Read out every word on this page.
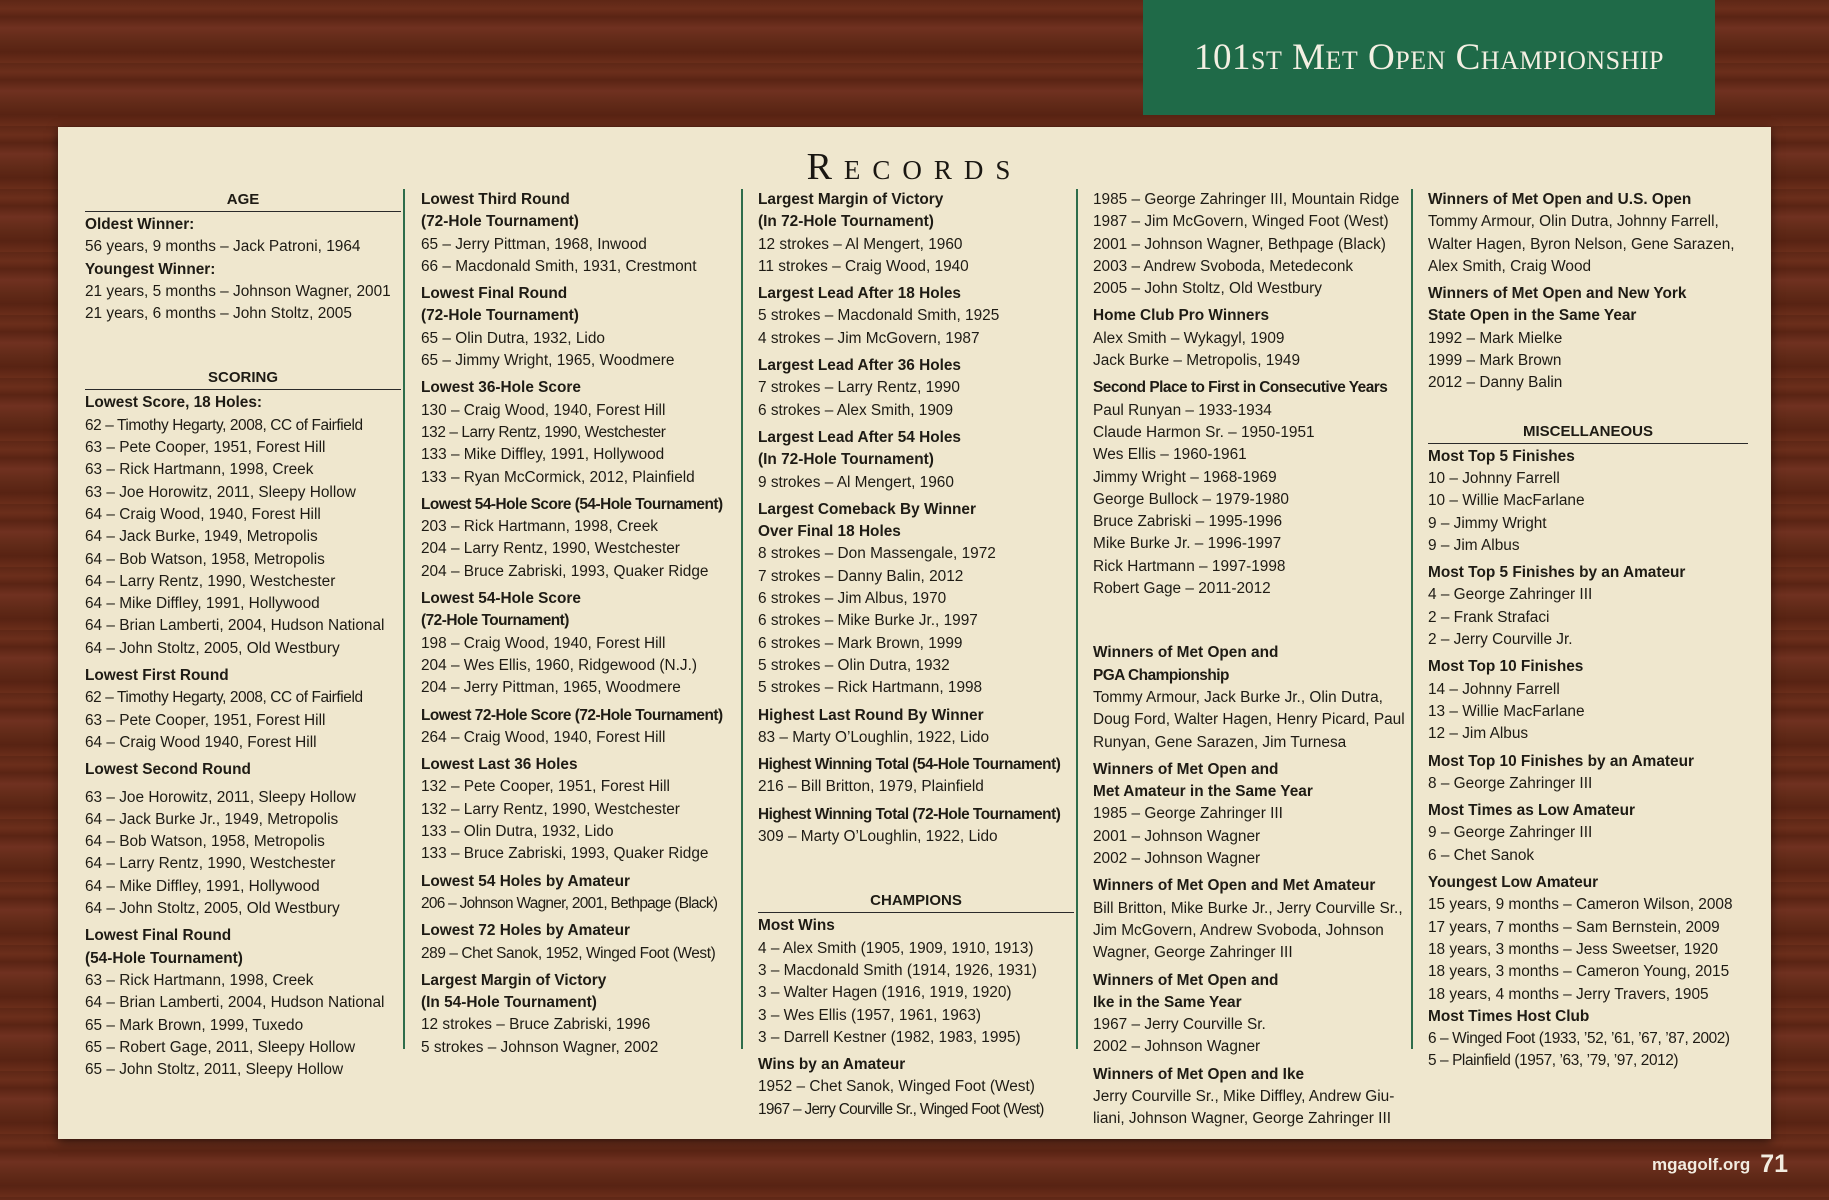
101st Met Open Championship
Records
AGE
Oldest Winner:
56 years, 9 months – Jack Patroni, 1964
Youngest Winner:
21 years, 5 months – Johnson Wagner, 2001
21 years, 6 months – John Stoltz, 2005
SCORING
Lowest Score, 18 Holes:
62 – Timothy Hegarty, 2008, CC of Fairfield
63 – Pete Cooper, 1951, Forest Hill
63 – Rick Hartmann, 1998, Creek
63 – Joe Horowitz, 2011, Sleepy Hollow
64 – Craig Wood, 1940, Forest Hill
64 – Jack Burke, 1949, Metropolis
64 – Bob Watson, 1958, Metropolis
64 – Larry Rentz, 1990, Westchester
64 – Mike Diffley, 1991, Hollywood
64 – Brian Lamberti, 2004, Hudson National
64 – John Stoltz, 2005, Old Westbury
Lowest First Round
62 – Timothy Hegarty, 2008, CC of Fairfield
63 – Pete Cooper, 1951, Forest Hill
64 – Craig Wood 1940, Forest Hill
Lowest Second Round
63 – Joe Horowitz, 2011, Sleepy Hollow
64 – Jack Burke Jr., 1949, Metropolis
64 – Bob Watson, 1958, Metropolis
64 – Larry Rentz, 1990, Westchester
64 – Mike Diffley, 1991, Hollywood
64 – John Stoltz, 2005, Old Westbury
Lowest Final Round
(54-Hole Tournament)
63 – Rick Hartmann, 1998, Creek
64 – Brian Lamberti, 2004, Hudson National
65 – Mark Brown, 1999, Tuxedo
65 – Robert Gage, 2011, Sleepy Hollow
65 – John Stoltz, 2011, Sleepy Hollow
Lowest Third Round
(72-Hole Tournament)
65 – Jerry Pittman, 1968, Inwood
66 – Macdonald Smith, 1931, Crestmont
Lowest Final Round
(72-Hole Tournament)
65 – Olin Dutra, 1932, Lido
65 – Jimmy Wright, 1965, Woodmere
Lowest 36-Hole Score
130 – Craig Wood, 1940, Forest Hill
132 – Larry Rentz, 1990, Westchester
133 – Mike Diffley, 1991, Hollywood
133 – Ryan McCormick, 2012, Plainfield
Lowest 54-Hole Score (54-Hole Tournament)
203 – Rick Hartmann, 1998, Creek
204 – Larry Rentz, 1990, Westchester
204 – Bruce Zabriski, 1993, Quaker Ridge
Lowest 54-Hole Score
(72-Hole Tournament)
198 – Craig Wood, 1940, Forest Hill
204 – Wes Ellis, 1960, Ridgewood (N.J.)
204 – Jerry Pittman, 1965, Woodmere
Lowest 72-Hole Score (72-Hole Tournament)
264 – Craig Wood, 1940, Forest Hill
Lowest Last 36 Holes
132 – Pete Cooper, 1951, Forest Hill
132 – Larry Rentz, 1990, Westchester
133 – Olin Dutra, 1932, Lido
133 – Bruce Zabriski, 1993, Quaker Ridge
Lowest 54 Holes by Amateur
206 – Johnson Wagner, 2001, Bethpage (Black)
Lowest 72 Holes by Amateur
289 – Chet Sanok, 1952, Winged Foot (West)
Largest Margin of Victory
(In 54-Hole Tournament)
12 strokes – Bruce Zabriski, 1996
5 strokes – Johnson Wagner, 2002
Largest Margin of Victory
(In 72-Hole Tournament)
12 strokes – Al Mengert, 1960
11 strokes – Craig Wood, 1940
Largest Lead After 18 Holes
5 strokes – Macdonald Smith, 1925
4 strokes – Jim McGovern, 1987
Largest Lead After 36 Holes
7 strokes – Larry Rentz, 1990
6 strokes – Alex Smith, 1909
Largest Lead After 54 Holes
(In 72-Hole Tournament)
9 strokes – Al Mengert, 1960
Largest Comeback By Winner
Over Final 18 Holes
8 strokes – Don Massengale, 1972
7 strokes – Danny Balin, 2012
6 strokes – Jim Albus, 1970
6 strokes – Mike Burke Jr., 1997
6 strokes – Mark Brown, 1999
5 strokes – Olin Dutra, 1932
5 strokes – Rick Hartmann, 1998
Highest Last Round By Winner
83 – Marty O’Loughlin, 1922, Lido
Highest Winning Total (54-Hole Tournament)
216 – Bill Britton, 1979, Plainfield
Highest Winning Total (72-Hole Tournament)
309 – Marty O’Loughlin, 1922, Lido
CHAMPIONS
Most Wins
4 – Alex Smith (1905, 1909, 1910, 1913)
3 – Macdonald Smith (1914, 1926, 1931)
3 – Walter Hagen (1916, 1919, 1920)
3 – Wes Ellis (1957, 1961, 1963)
3 – Darrell Kestner (1982, 1983, 1995)
Wins by an Amateur
1952 – Chet Sanok, Winged Foot (West)
1967 – Jerry Courville Sr., Winged Foot (West)
1985 – George Zahringer III, Mountain Ridge
1987 – Jim McGovern, Winged Foot (West)
2001 – Johnson Wagner, Bethpage (Black)
2003 – Andrew Svoboda, Metedeconk
2005 – John Stoltz, Old Westbury
Home Club Pro Winners
Alex Smith – Wykagyl, 1909
Jack Burke – Metropolis, 1949
Second Place to First in Consecutive Years
Paul Runyan – 1933-1934
Claude Harmon Sr. – 1950-1951
Wes Ellis – 1960-1961
Jimmy Wright – 1968-1969
George Bullock – 1979-1980
Bruce Zabriski – 1995-1996
Mike Burke Jr. – 1996-1997
Rick Hartmann – 1997-1998
Robert Gage – 2011-2012
Winners of Met Open and
PGA Championship
Tommy Armour, Jack Burke Jr., Olin Dutra, Doug Ford, Walter Hagen, Henry Picard, Paul Runyan, Gene Sarazen, Jim Turnesa
Winners of Met Open and
Met Amateur in the Same Year
1985 – George Zahringer III
2001 – Johnson Wagner
2002 – Johnson Wagner
Winners of Met Open and Met Amateur
Bill Britton, Mike Burke Jr., Jerry Courville Sr., Jim McGovern, Andrew Svoboda, Johnson Wagner, George Zahringer III
Winners of Met Open and
Ike in the Same Year
1967 – Jerry Courville Sr.
2002 – Johnson Wagner
Winners of Met Open and Ike
Jerry Courville Sr., Mike Diffley, Andrew Giu-liani, Johnson Wagner, George Zahringer III
Winners of Met Open and U.S. Open
Tommy Armour, Olin Dutra, Johnny Farrell, Walter Hagen, Byron Nelson, Gene Sarazen, Alex Smith, Craig Wood
Winners of Met Open and New York
State Open in the Same Year
1992 – Mark Mielke
1999 – Mark Brown
2012 – Danny Balin
MISCELLANEOUS
Most Top 5 Finishes
10 – Johnny Farrell
10 – Willie MacFarlane
9 – Jimmy Wright
9 – Jim Albus
Most Top 5 Finishes by an Amateur
4 – George Zahringer III
2 – Frank Strafaci
2 – Jerry Courville Jr.
Most Top 10 Finishes
14 – Johnny Farrell
13 – Willie MacFarlane
12 – Jim Albus
Most Top 10 Finishes by an Amateur
8 – George Zahringer III
Most Times as Low Amateur
9 – George Zahringer III
6 – Chet Sanok
Youngest Low Amateur
15 years, 9 months – Cameron Wilson, 2008
17 years, 7 months – Sam Bernstein, 2009
18 years, 3 months – Jess Sweetser, 1920
18 years, 3 months – Cameron Young, 2015
18 years, 4 months – Jerry Travers, 1905
Most Times Host Club
6 – Winged Foot (1933, ’52, ’61, ’67, ’87, 2002)
5 – Plainfield (1957, ’63, ’79, ’97, 2012)
mgagolf.org 71
